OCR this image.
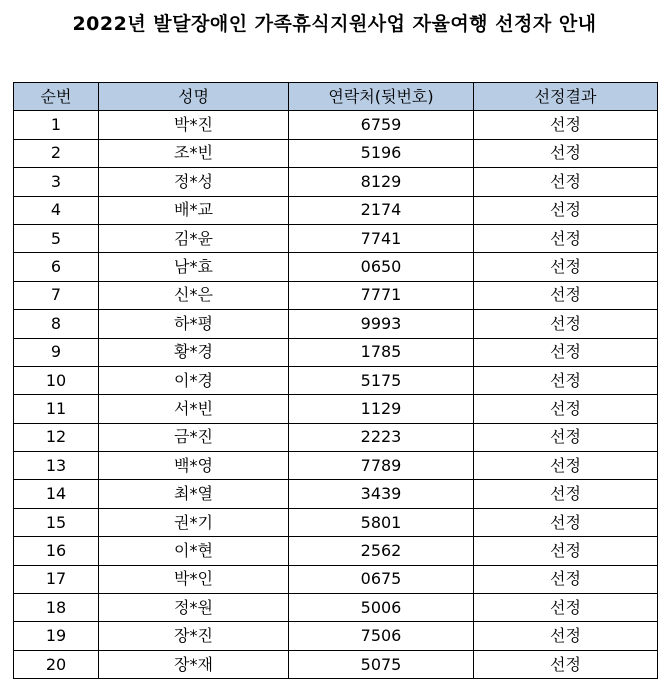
2022년 발달장애인 가족휴식지원사업 자율여행 선정자 안내
순번	성명	연락처(뒷번호)	선정결과
1	박*진	6759	선정
2	조*빈	5196	선정
3	정*성	8129	선정
4	배*교	2174	선정
5	김*윤	7741	선정
6	남*효	0650	선정
7	신*은	7771	선정
8	하*평	9993	선정
9	황*경	1785	선정
10	이*경	5175	선정
11	서*빈	1129	선정
12	금*진	2223	선정
13	백*영	7789	선정
14	최*열	3439	선정
15	권*기	5801	선정
16	이*현	2562	선정
17	박*인	0675	선정
18	정*원	5006	선정
19	장*진	7506	선정
20	장*재	5075	선정
